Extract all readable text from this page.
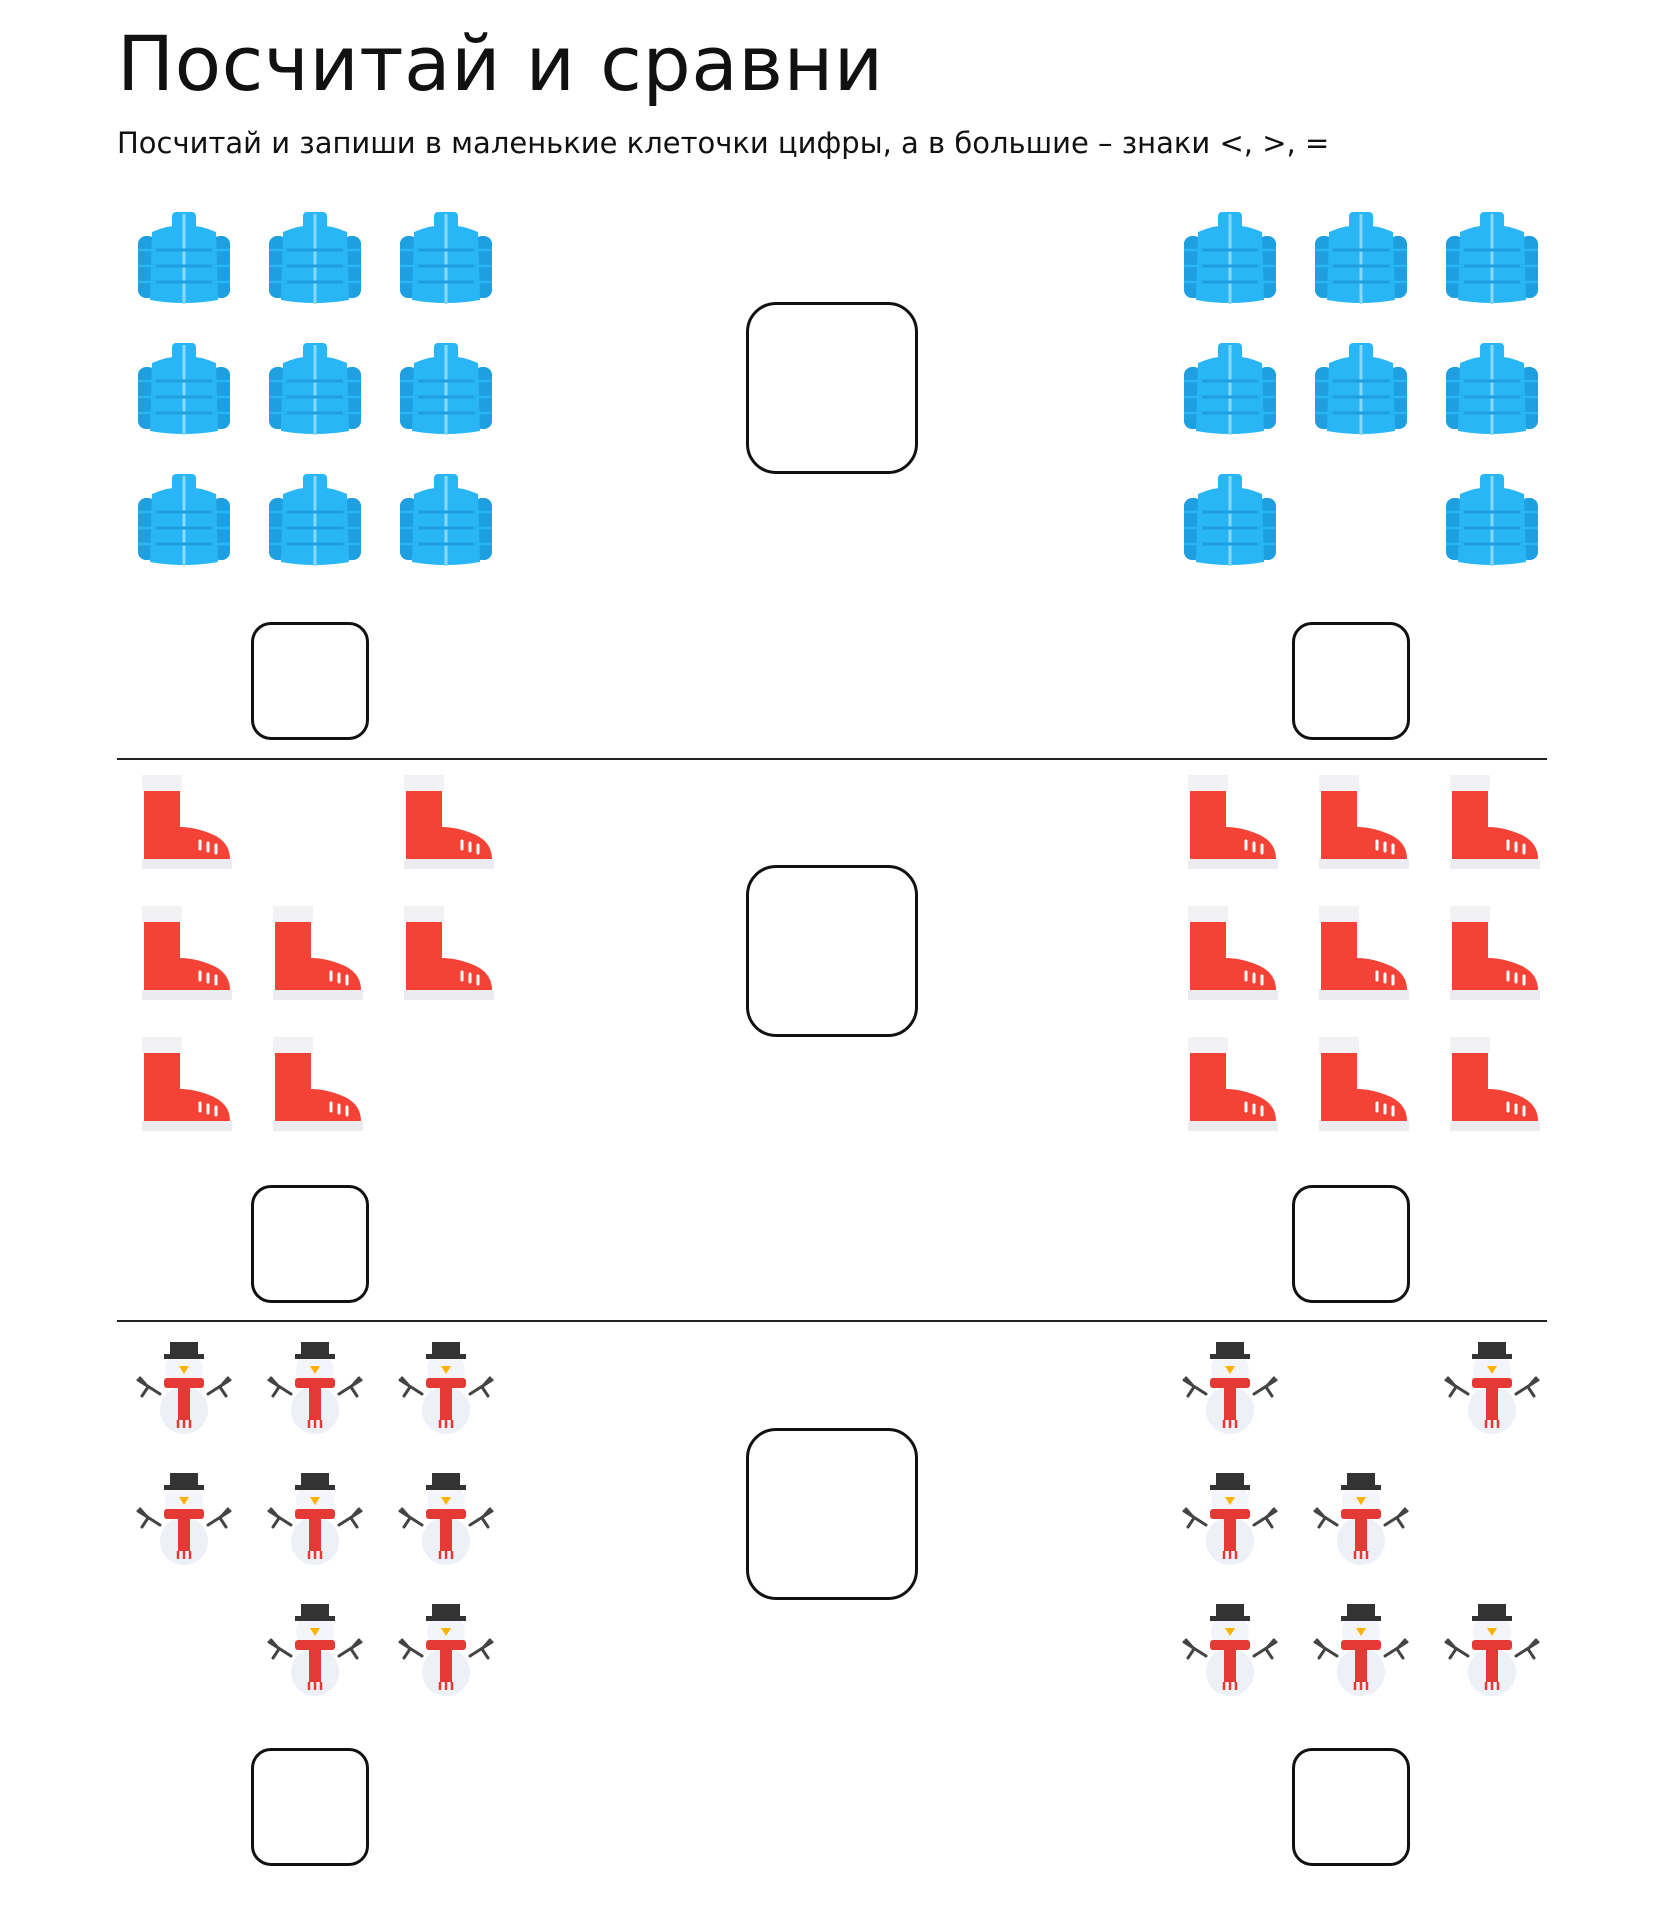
Посчитай и сравни

Посчитай и запиши в маленькие клеточки цифры, а в большие – знаки <, >, =
